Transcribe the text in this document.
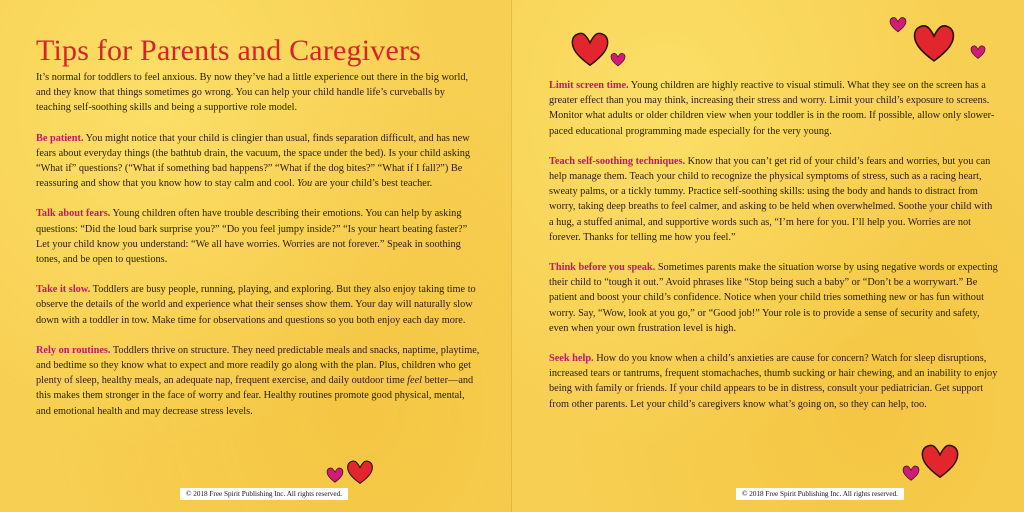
Tips for Parents and Caregivers

It’s normal for toddlers to feel anxious. By now they’ve had a little experience out there in the big world, and they know that things sometimes go wrong. You can help your child handle life’s curveballs by teaching self-soothing skills and being a supportive role model.

Be patient. You might notice that your child is clingier than usual, finds separation difficult, and has new fears about everyday things (the bathtub drain, the vacuum, the space under the bed). Is your child asking “What if” questions? (“What if something bad happens?” “What if the dog bites?” “What if I fall?”) Be reassuring and show that you know how to stay calm and cool. You are your child’s best teacher.

Talk about fears. Young children often have trouble describing their emotions. You can help by asking questions: “Did the loud bark surprise you?” “Do you feel jumpy inside?” “Is your heart beating faster?” Let your child know you understand: “We all have worries. Worries are not forever.” Speak in soothing tones, and be open to questions.

Take it slow. Toddlers are busy people, running, playing, and exploring. But they also enjoy taking time to observe the details of the world and experience what their senses show them. Your day will naturally slow down with a toddler in tow. Make time for observations and questions so you both enjoy each day more.

Rely on routines. Toddlers thrive on structure. They need predictable meals and snacks, naptime, playtime, and bedtime so they know what to expect and more readily go along with the plan. Plus, children who get plenty of sleep, healthy meals, an adequate nap, frequent exercise, and daily outdoor time feel better—and this makes them stronger in the face of worry and fear. Healthy routines promote good physical, mental, and emotional health and may decrease stress levels.

© 2018 Free Spirit Publishing Inc. All rights reserved.

Limit screen time. Young children are highly reactive to visual stimuli. What they see on the screen has a greater effect than you may think, increasing their stress and worry. Limit your child’s exposure to screens. Monitor what adults or older children view when your toddler is in the room. If possible, allow only slower-paced educational programming made especially for the very young.

Teach self-soothing techniques. Know that you can’t get rid of your child’s fears and worries, but you can help manage them. Teach your child to recognize the physical symptoms of stress, such as a racing heart, sweaty palms, or a tickly tummy. Practice self-soothing skills: using the body and hands to distract from worry, taking deep breaths to feel calmer, and asking to be held when overwhelmed. Soothe your child with a hug, a stuffed animal, and supportive words such as, “I’m here for you. I’ll help you. Worries are not forever. Thanks for telling me how you feel.”

Think before you speak. Sometimes parents make the situation worse by using negative words or expecting their child to “tough it out.” Avoid phrases like “Stop being such a baby” or “Don’t be a worrywart.” Be patient and boost your child’s confidence. Notice when your child tries something new or has fun without worry. Say, “Wow, look at you go,” or “Good job!” Your role is to provide a sense of security and safety, even when your own frustration level is high.

Seek help. How do you know when a child’s anxieties are cause for concern? Watch for sleep disruptions, increased tears or tantrums, frequent stomachaches, thumb sucking or hair chewing, and an inability to enjoy being with family or friends. If your child appears to be in distress, consult your pediatrician. Get support from other parents. Let your child’s caregivers know what’s going on, so they can help, too.

© 2018 Free Spirit Publishing Inc. All rights reserved.
